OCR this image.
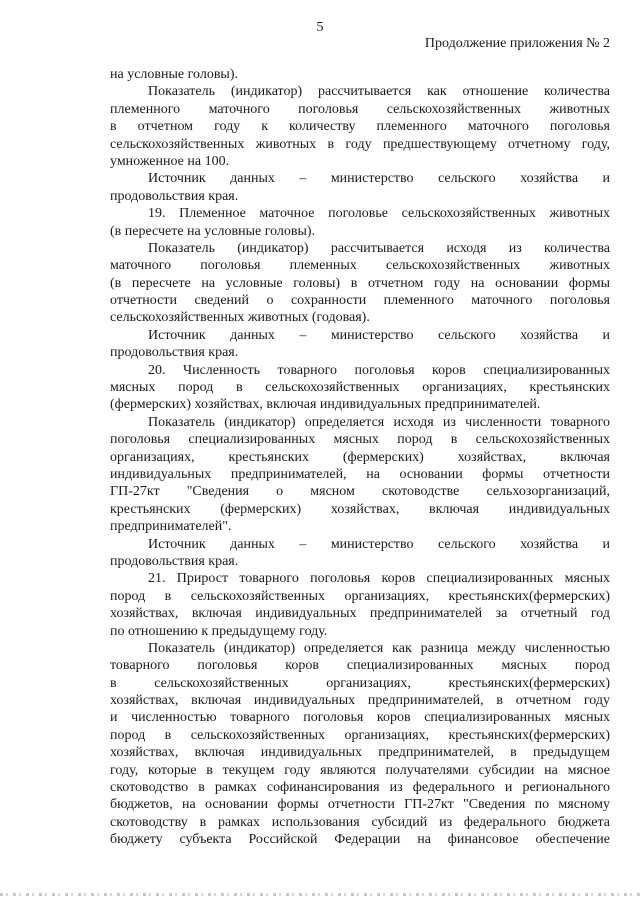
5
Продолжение приложения № 2
на условные головы).
Показатель (индикатор) рассчитывается как отношение количества
племенного маточного поголовья сельскохозяйственных животных
в отчетном году к количеству племенного маточного поголовья
сельскохозяйственных животных в году предшествующему отчетному году,
умноженное на 100.
Источник данных – министерство сельского хозяйства и
продовольствия края.
19. Племенное маточное поголовье сельскохозяйственных животных
(в пересчете на условные головы).
Показатель (индикатор) рассчитывается исходя из количества
маточного поголовья племенных сельскохозяйственных животных
(в пересчете на условные головы) в отчетном году на основании формы
отчетности сведений о сохранности племенного маточного поголовья
сельскохозяйственных животных (годовая).
Источник данных – министерство сельского хозяйства и
продовольствия края.
20. Численность товарного поголовья коров специализированных
мясных пород в сельскохозяйственных организациях, крестьянских
(фермерских) хозяйствах, включая индивидуальных предпринимателей.
Показатель (индикатор) определяется исходя из численности товарного
поголовья специализированных мясных пород в сельскохозяйственных
организациях, крестьянских (фермерских) хозяйствах, включая
индивидуальных предпринимателей, на основании формы отчетности
ГП-27кт "Сведения о мясном скотоводстве сельхозорганизаций,
крестьянских (фермерских) хозяйствах, включая индивидуальных
предпринимателей".
Источник данных – министерство сельского хозяйства и
продовольствия края.
21. Прирост товарного поголовья коров специализированных мясных
пород в сельскохозяйственных организациях, крестьянских(фермерских)
хозяйствах, включая индивидуальных предпринимателей за отчетный год
по отношению к предыдущему году.
Показатель (индикатор) определяется как разница между численностью
товарного поголовья коров специализированных мясных пород
в сельскохозяйственных организациях, крестьянских(фермерских)
хозяйствах, включая индивидуальных предпринимателей, в отчетном году
и численностью товарного поголовья коров специализированных мясных
пород в сельскохозяйственных организациях, крестьянских(фермерских)
хозяйствах, включая индивидуальных предпринимателей, в предыдущем
году, которые в текущем году являются получателями субсидии на мясное
скотоводство в рамках софинансирования из федерального и регионального
бюджетов, на основании формы отчетности ГП-27кт "Сведения по мясному
скотоводству в рамках использования субсидий из федерального бюджета
бюджету субъекта Российской Федерации на финансовое обеспечение
